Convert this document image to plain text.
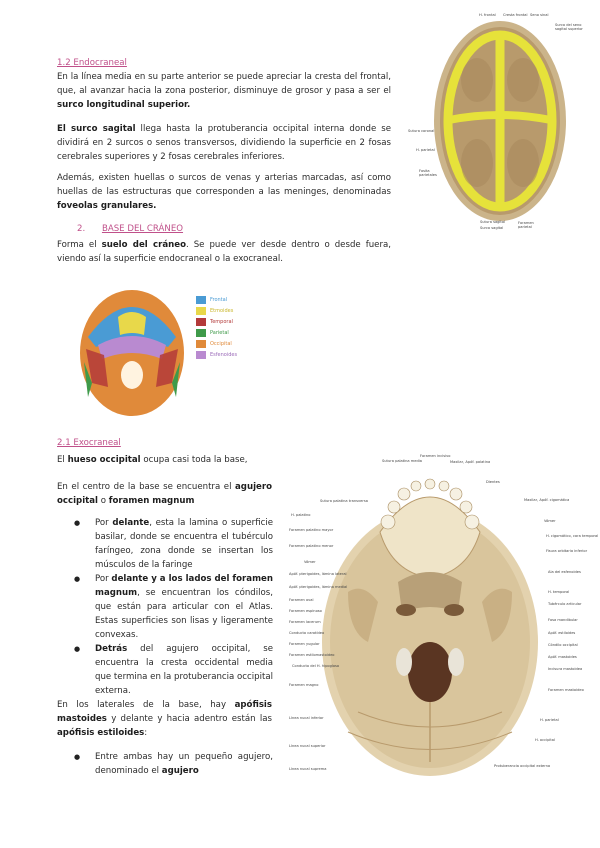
1.2 Endocraneal
En la línea media en su parte anterior se puede apreciar la cresta del frontal, que, al avanzar hacia la zona posterior, disminuye de grosor y pasa a ser el surco longitudinal superior.
El surco sagital llega hasta la protuberancia occipital interna donde se dividirá en 2 surcos o senos transversos, dividiendo la superficie en 2 fosas cerebrales superiores y 2 fosas cerebrales inferiores.
Además, existen huellas o surcos de venas y arterias marcadas, así como huellas de las estructuras que corresponden a las meninges, denominadas foveolas granulares.
2. BASE DEL CRÁNEO
Forma el suelo del cráneo. Se puede ver desde dentro o desde fuera, viendo así la superficie endocraneal o la exocraneal.
H. frontal Cresta frontal Seno sinal
Surco del seno sagital superior
Sutura coronal
H. parietal
Fosita parietales
Sutura sagital
Surco sagital
Foramen parietal
Frontal
Etmoides
Temporal
Parietal
Occipital
Esfenoides
2.1 Exocraneal
El hueso occipital ocupa casi toda la base,
En el centro de la base se encuentra el agujero occipital o foramen magnum
● Por delante, esta la lamina o superficie basilar, donde se encuentra el tubérculo faríngeo, zona donde se insertan los músculos de la faringe
● Por delante y a los lados del foramen magnum, se encuentran los cóndilos, que están para articular con el Atlas. Estas superficies son lisas y ligeramente convexas.
● Detrás del agujero occipital, se encuentra la cresta occidental media que termina en la protuberancia occipital externa.
En los laterales de la base, hay apófisis mastoides y delante y hacia adentro están las apófisis estiloides:
● Entre ambas hay un pequeño agujero, denominado el agujero
Sutura palatina media
Foramen incisivo
Maxilar, Apóf. palatina
Dientes
Sutura palatina transversa
H. palatino
Foramen palatino mayor
Foramen palatino menor
Vómer
Apóf. pterigoides, lámina lateral
Apóf. pterigoides, lámina medial
Foramen oval
Foramen espinoso
Foramen lacerum
Conducto carotídeo
Foramen yugular
Foramen estilomastoideo
Conducto del H. hipogloso
Foramen magno
Línea nucal inferior
Línea nucal superior
Línea nucal suprema
Maxilar, Apóf. cigomática
Vómer
H. cigomático, cara temporal
Fisura orbitaria inferior
Ala del esfenoides
H. temporal
Tubérculo articular
Fosa mandibular
Apóf. estiloides
Cóndilo occipital
Apóf. mastoides
Incisura mastoidea
Foramen mastoideo
H. parietal
H. occipital
Protuberancia occipital externa
